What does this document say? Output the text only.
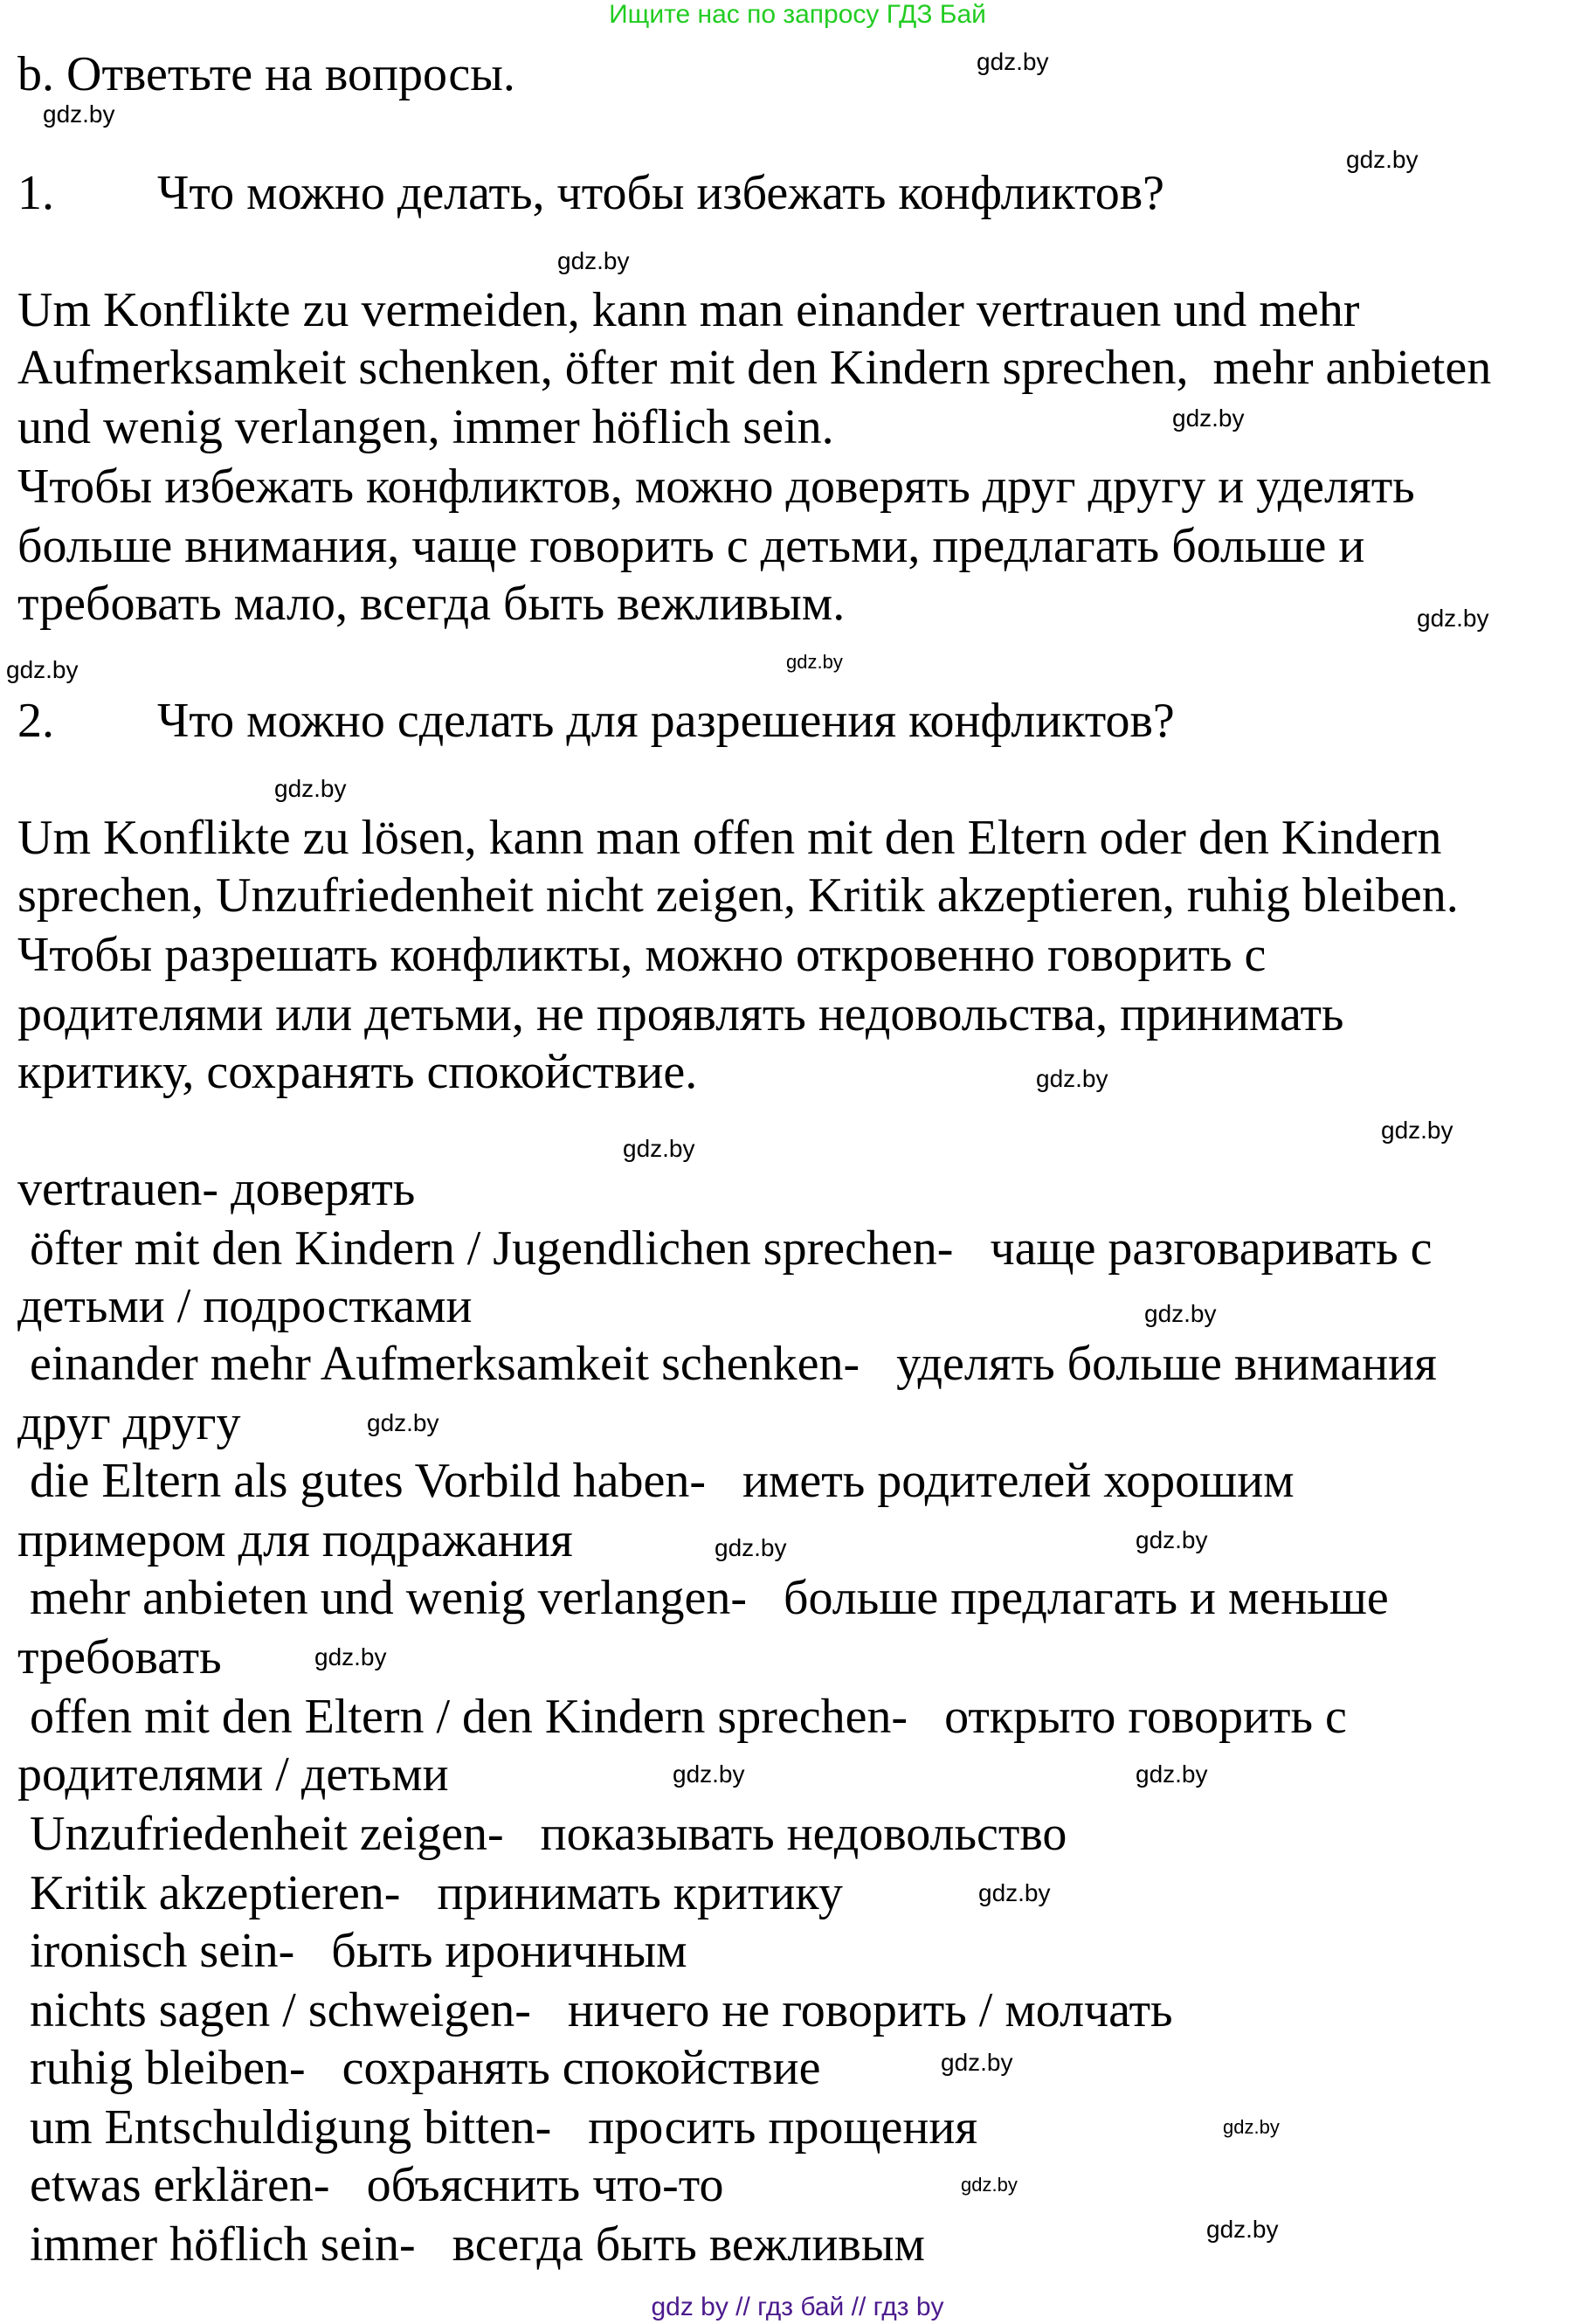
Ищите нас по запросу ГДЗ Бай
b. Ответьте на вопросы.
1. Что можно делать, чтобы избежать конфликтов?
Um Konflikte zu vermeiden, kann man einander vertrauen und mehr
Aufmerksamkeit schenken, öfter mit den Kindern sprechen,  mehr anbieten
und wenig verlangen, immer höflich sein.
Чтобы избежать конфликтов, можно доверять друг другу и уделять
больше внимания, чаще говорить с детьми, предлагать больше и
требовать мало, всегда быть вежливым.
2. Что можно сделать для разрешения конфликтов?
Um Konflikte zu lösen, kann man offen mit den Eltern oder den Kindern
sprechen, Unzufriedenheit nicht zeigen, Kritik akzeptieren, ruhig bleiben.
Чтобы разрешать конфликты, можно откровенно говорить с
родителями или детьми, не проявлять недовольства, принимать
критику, сохранять спокойствие.
vertrauen- доверять
öfter mit den Kindern / Jugendlichen sprechen-   чаще разговаривать с
детьми / подростками
einander mehr Aufmerksamkeit schenken-   уделять больше внимания
друг другу
die Eltern als gutes Vorbild haben-   иметь родителей хорошим
примером для подражания
mehr anbieten und wenig verlangen-   больше предлагать и меньше
требовать
offen mit den Eltern / den Kindern sprechen-   открыто говорить с
родителями / детьми
Unzufriedenheit zeigen-   показывать недовольство
Kritik akzeptieren-   принимать критику
ironisch sein-   быть ироничным
nichts sagen / schweigen-   ничего не говорить / молчать
ruhig bleiben-   сохранять спокойствие
um Entschuldigung bitten-   просить прощения
etwas erklären-   объяснить что-то
immer höflich sein-   всегда быть вежливым
gdz.by
gdz.by
gdz.by
gdz.by
gdz.by
gdz.by
gdz.by
gdz.by
gdz.by
gdz.by
gdz.by
gdz.by
gdz.by
gdz.by
gdz.by
gdz.by
gdz.by
gdz.by
gdz.by
gdz.by
gdz.by
gdz.by
gdz.by
gdz.by
gdz by // гдз бай // гдз by
